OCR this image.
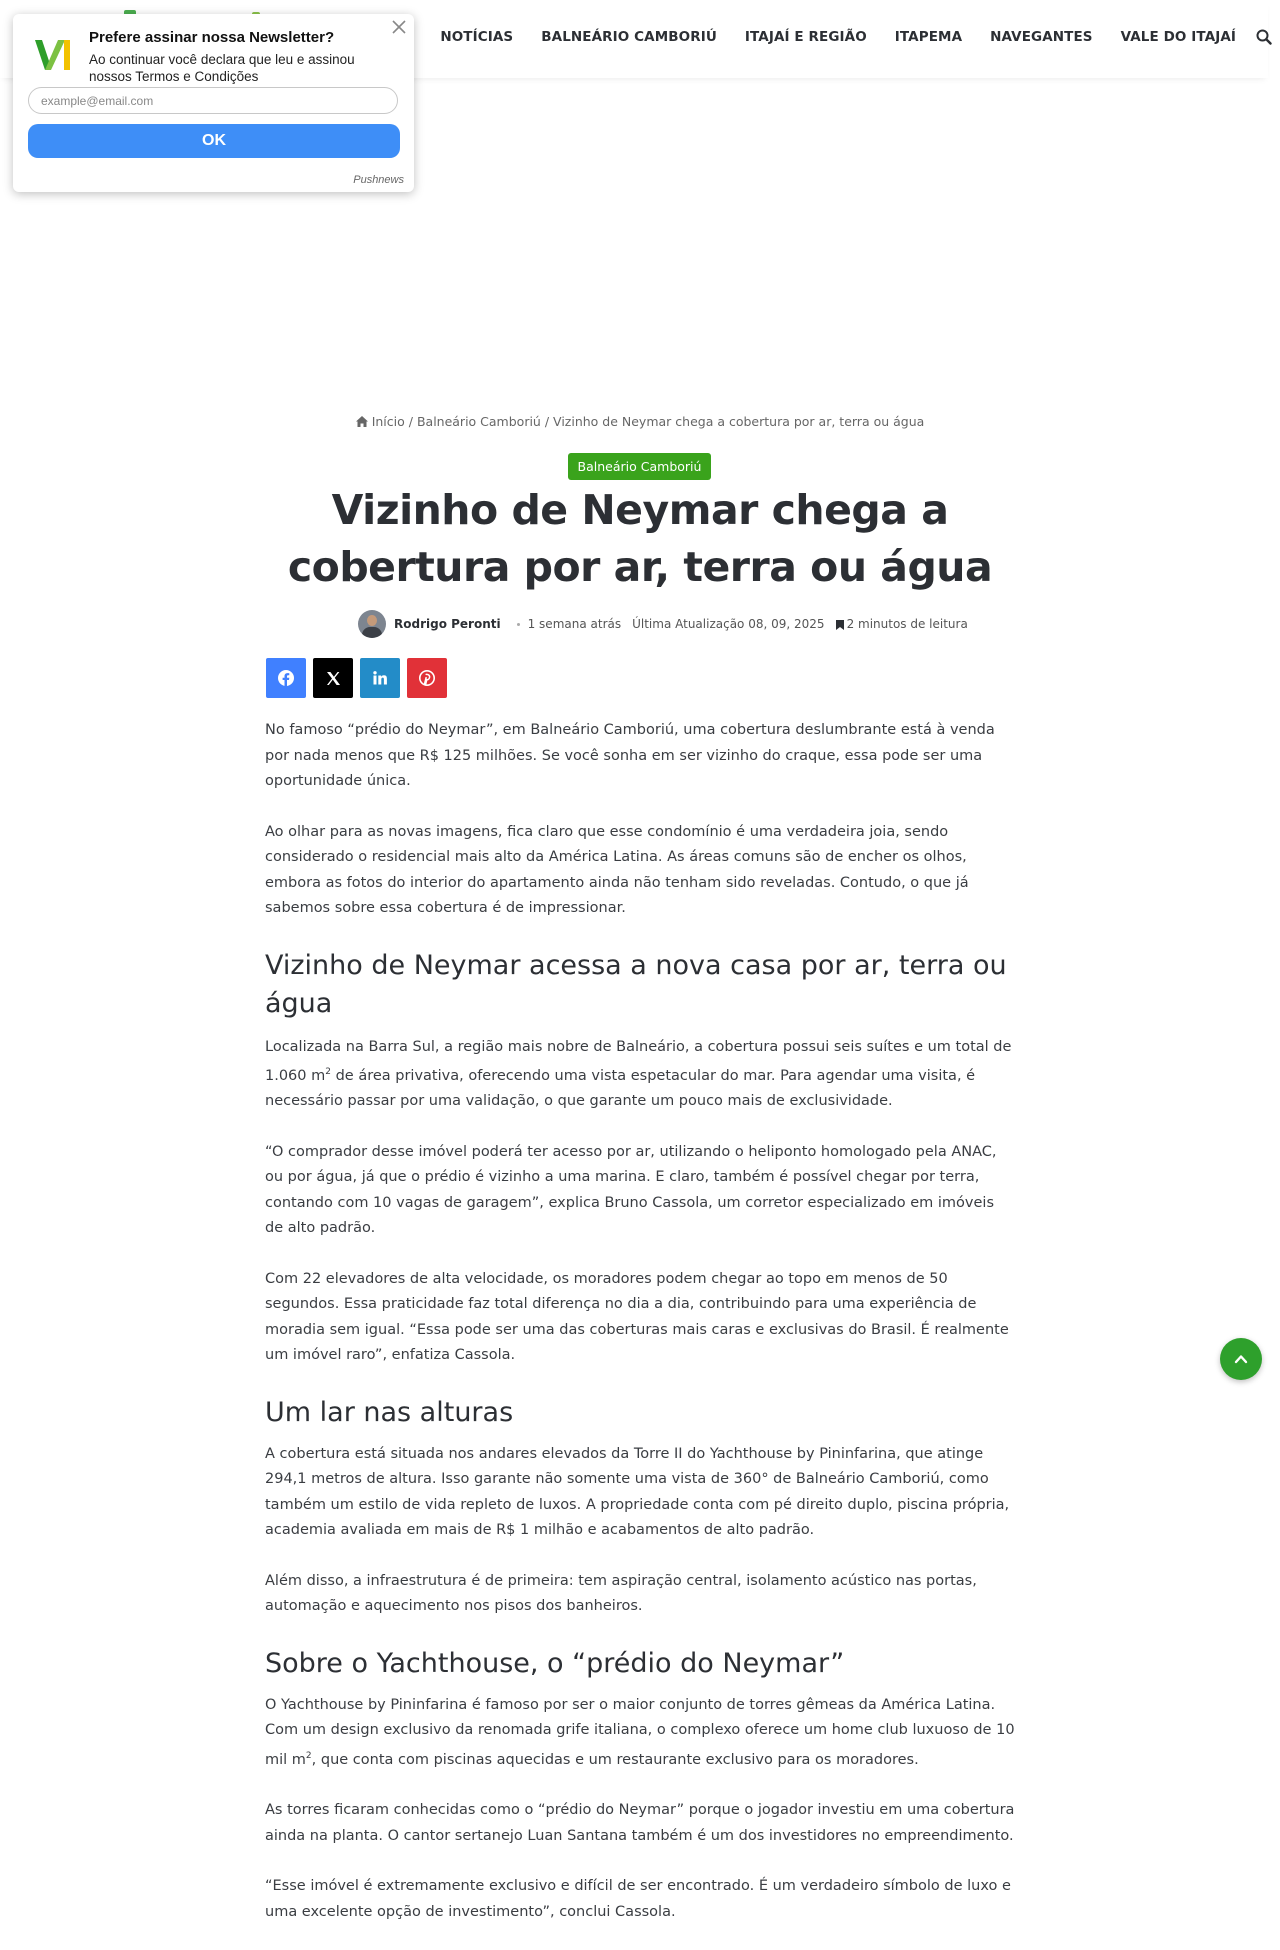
NOTÍCIAS BALNEÁRIO CAMBORIÚ ITAJAÍ E REGIÃO ITAPEMA NAVEGANTES VALE DO ITAJAÍ
Prefere assinar nossa Newsletter?
Ao continuar você declara que leu e assinou nossos Termos e Condições
example@email.com
OK
Pushnews
Início / Balneário Camboriú / Vizinho de Neymar chega a cobertura por ar, terra ou água
Balneário Camboriú
Vizinho de Neymar chega a cobertura por ar, terra ou água
Rodrigo Peronti 1 semana atrás Última Atualização 08, 09, 2025 2 minutos de leitura

No famoso “prédio do Neymar”, em Balneário Camboriú, uma cobertura deslumbrante está à venda por nada menos que R$ 125 milhões. Se você sonha em ser vizinho do craque, essa pode ser uma oportunidade única.

Ao olhar para as novas imagens, fica claro que esse condomínio é uma verdadeira joia, sendo considerado o residencial mais alto da América Latina. As áreas comuns são de encher os olhos, embora as fotos do interior do apartamento ainda não tenham sido reveladas. Contudo, o que já sabemos sobre essa cobertura é de impressionar.

Vizinho de Neymar acessa a nova casa por ar, terra ou água

Localizada na Barra Sul, a região mais nobre de Balneário, a cobertura possui seis suítes e um total de 1.060 $m^2$ de área privativa, oferecendo uma vista espetacular do mar. Para agendar uma visita, é necessário passar por uma validação, o que garante um pouco mais de exclusividade.

“O comprador desse imóvel poderá ter acesso por ar, utilizando o heliponto homologado pela ANAC, ou por água, já que o prédio é vizinho a uma marina. E claro, também é possível chegar por terra, contando com 10 vagas de garagem”, explica Bruno Cassola, um corretor especializado em imóveis de alto padrão.

Com 22 elevadores de alta velocidade, os moradores podem chegar ao topo em menos de 50 segundos. Essa praticidade faz total diferença no dia a dia, contribuindo para uma experiência de moradia sem igual. “Essa pode ser uma das coberturas mais caras e exclusivas do Brasil. É realmente um imóvel raro”, enfatiza Cassola.

Um lar nas alturas

A cobertura está situada nos andares elevados da Torre II do Yachthouse by Pininfarina, que atinge 294,1 metros de altura. Isso garante não somente uma vista de 360° de Balneário Camboriú, como também um estilo de vida repleto de luxos. A propriedade conta com pé direito duplo, piscina própria, academia avaliada em mais de R$ 1 milhão e acabamentos de alto padrão.

Além disso, a infraestrutura é de primeira: tem aspiração central, isolamento acústico nas portas, automação e aquecimento nos pisos dos banheiros.

Sobre o Yachthouse, o “prédio do Neymar”

O Yachthouse by Pininfarina é famoso por ser o maior conjunto de torres gêmeas da América Latina. Com um design exclusivo da renomada grife italiana, o complexo oferece um home club luxuoso de 10 mil $m^2$, que conta com piscinas aquecidas e um restaurante exclusivo para os moradores.

As torres ficaram conhecidas como o “prédio do Neymar” porque o jogador investiu em uma cobertura ainda na planta. O cantor sertanejo Luan Santana também é um dos investidores no empreendimento.

“Esse imóvel é extremamente exclusivo e difícil de ser encontrado. É um verdadeiro símbolo de luxo e uma excelente opção de investimento”, conclui Cassola.
